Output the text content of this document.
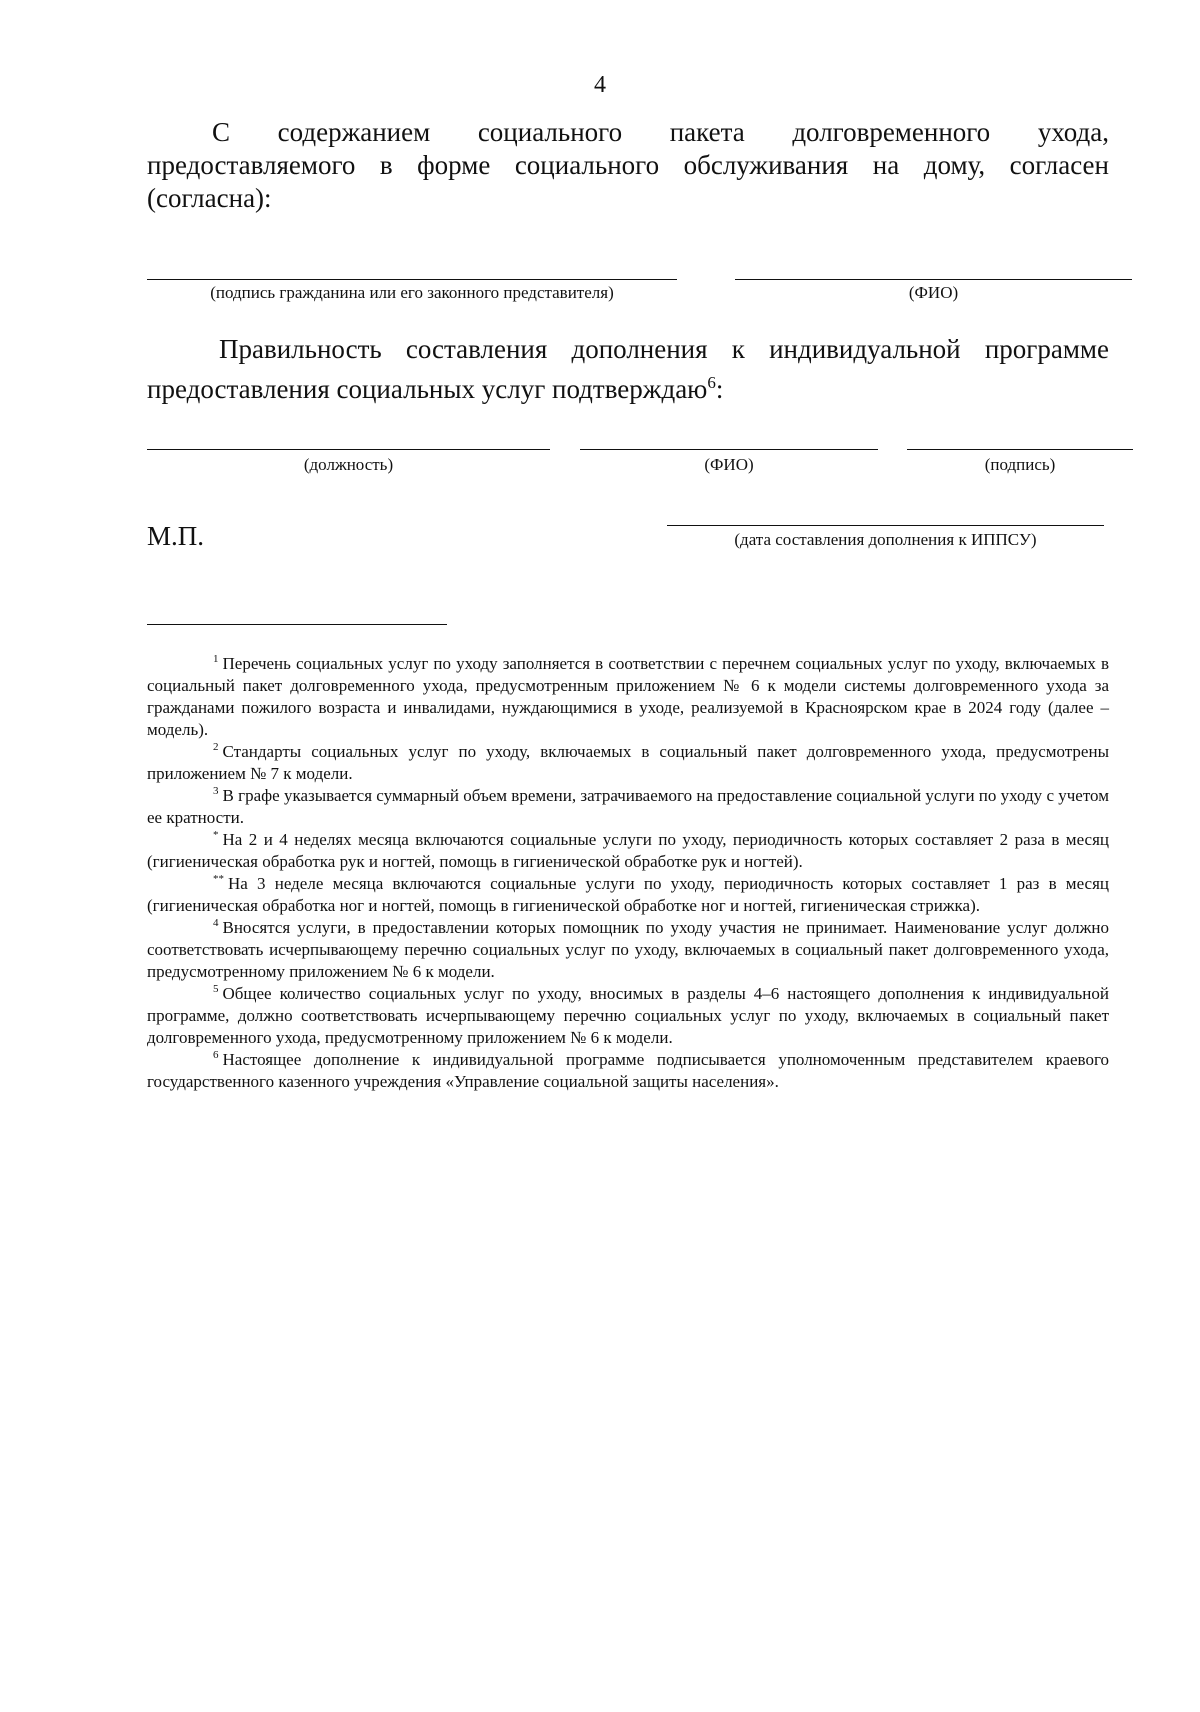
4
С содержанием социального пакета долговременного ухода, предоставляемого в форме социального обслуживания на дому, согласен (согласна):
(подпись гражданина или его законного представителя)	(ФИО)
Правильность составления дополнения к индивидуальной программе предоставления социальных услуг подтверждаю$^6$:
(должность)	(ФИО)	(подпись)
М.П.	(дата составления дополнения к ИППСУ)

$^1$ Перечень социальных услуг по уходу заполняется в соответствии с перечнем социальных услуг по уходу, включаемых в социальный пакет долговременного ухода, предусмотренным приложением № 6 к модели системы долговременного ухода за гражданами пожилого возраста и инвалидами, нуждающимися в уходе, реализуемой в Красноярском крае в 2024 году (далее – модель).

$^2$ Стандарты социальных услуг по уходу, включаемых в социальный пакет долговременного ухода, предусмотрены приложением № 7 к модели.

$^3$ В графе указывается суммарный объем времени, затрачиваемого на предоставление социальной услуги по уходу с учетом ее кратности.

* На 2 и 4 неделях месяца включаются социальные услуги по уходу, периодичность которых составляет 2 раза в месяц (гигиеническая обработка рук и ногтей, помощь в гигиенической обработке рук и ногтей).

** На 3 неделе месяца включаются социальные услуги по уходу, периодичность которых составляет 1 раз в месяц (гигиеническая обработка ног и ногтей, помощь в гигиенической обработке ног и ногтей, гигиеническая стрижка).

$^4$ Вносятся услуги, в предоставлении которых помощник по уходу участия не принимает. Наименование услуг должно соответствовать исчерпывающему перечню социальных услуг по уходу, включаемых в социальный пакет долговременного ухода, предусмотренному приложением № 6 к модели.

$^5$ Общее количество социальных услуг по уходу, вносимых в разделы 4–6 настоящего дополнения к индивидуальной программе, должно соответствовать исчерпывающему перечню социальных услуг по уходу, включаемых в социальный пакет долговременного ухода, предусмотренному приложением № 6 к модели.

$^6$ Настоящее дополнение к индивидуальной программе подписывается уполномоченным представителем краевого государственного казенного учреждения «Управление социальной защиты населения».
